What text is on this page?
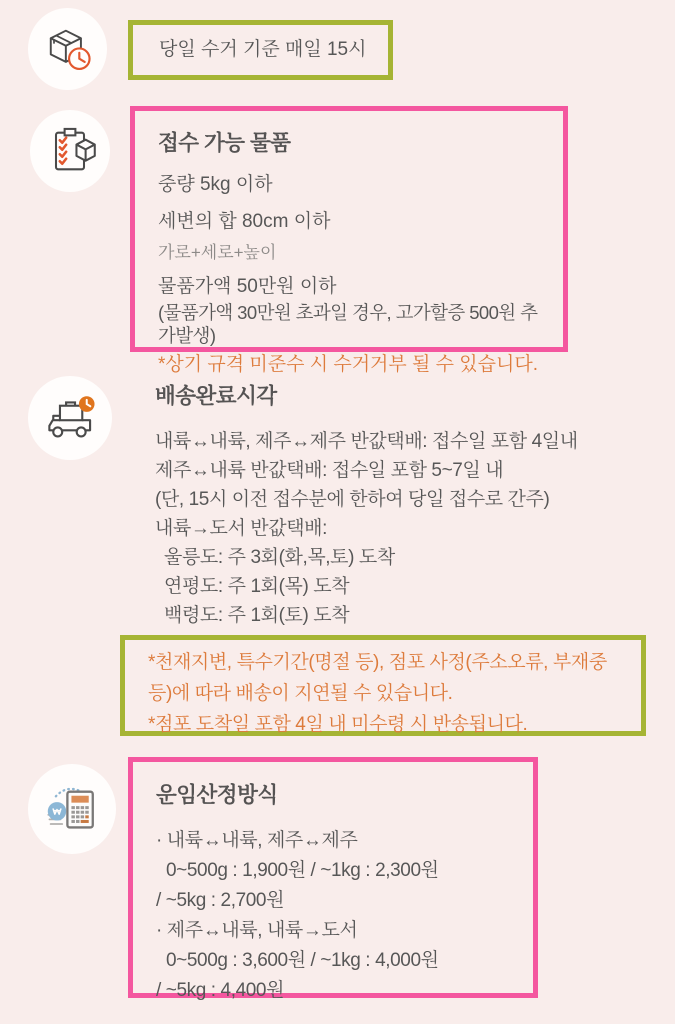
당일 수거 기준 매일 15시
접수 가능 물품
중량 5kg 이하
세변의 합 80cm 이하
가로+세로+높이
물품가액 50만원 이하
(물품가액 30만원 초과일 경우, 고가할증 500원 추가발생)
*상기 규격 미준수 시 수거거부 될 수 있습니다.
배송완료시각
내륙↔내륙, 제주↔제주 반값택배: 접수일 포함 4일내
제주↔내륙 반값택배: 접수일 포함 5~7일 내
(단, 15시 이전 접수분에 한하여 당일 접수로 간주)
내륙→도서 반값택배:
울릉도: 주 3회(화,목,토) 도착
연평도: 주 1회(목) 도착
백령도: 주 1회(토) 도착
*천재지변, 특수기간(명절 등), 점포 사정(주소오류, 부재중 등)에 따라 배송이 지연될 수 있습니다.
*점포 도착일 포함 4일 내 미수령 시 반송됩니다.
운임산정방식
· 내륙↔내륙, 제주↔제주
0~500g : 1,900원 / ~1kg : 2,300원
/ ~5kg : 2,700원
· 제주↔내륙, 내륙→도서
0~500g : 3,600원 / ~1kg : 4,000원
/ ~5kg : 4,400원
